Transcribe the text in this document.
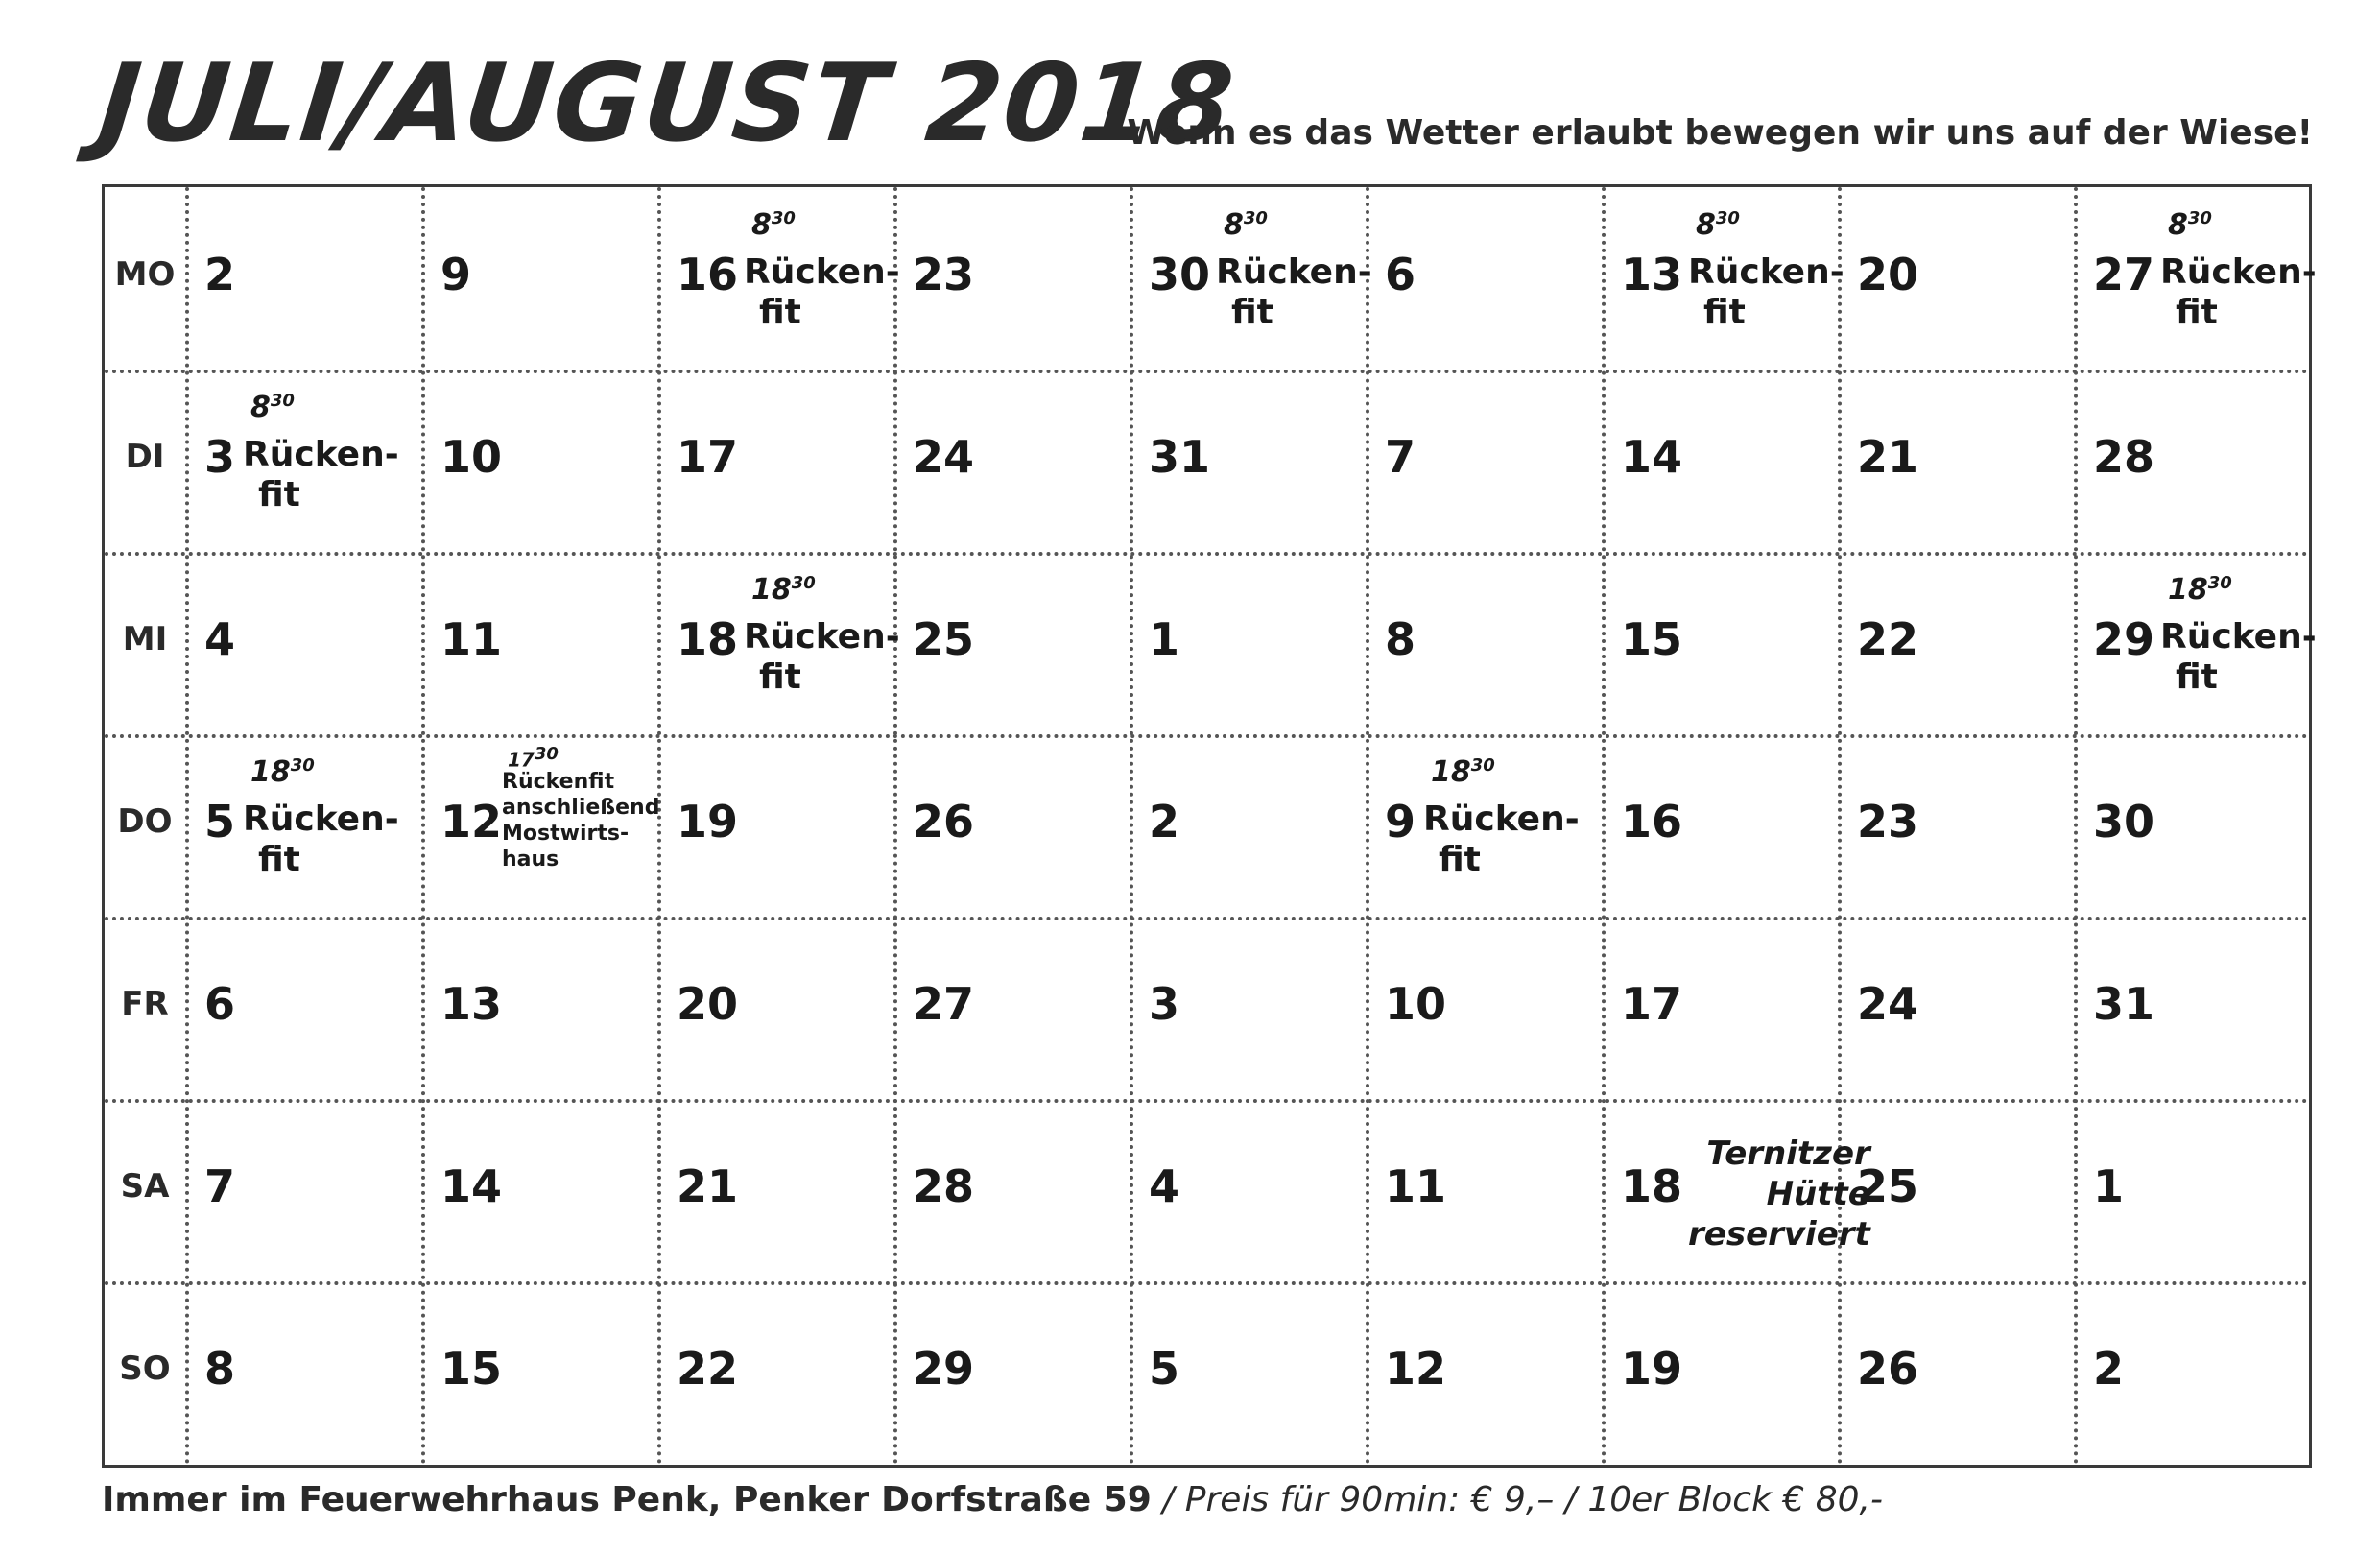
JULI/AUGUST 2018
Wenn es das Wetter erlaubt bewegen wir uns auf der Wiese!
MO
DI
MI
DO
FR
SA
SO
2
3
$8^{30}$
Rücken-
fit
4
5
$18^{30}$
Rücken-
fit
6
7
8
9
10
11
12
$17^{30}$
Rückenfit
anschließend
Mostwirts-
haus
13
14
15
16
$8^{30}$
Rücken-
fit
17
18
$18^{30}$
Rücken-
fit
19
20
21
22
23
24
25
26
27
28
29
30
$8^{30}$
Rücken-
fit
31
1
2
3
4
5
6
7
8
9
$18^{30}$
Rücken-
fit
10
11
12
13
$8^{30}$
Rücken-
fit
14
15
16
17
18
Ternitzer
Hütte
reserviert
19
20
21
22
23
24
25
26
27
$8^{30}$
Rücken-
fit
28
29
$18^{30}$
Rücken-
fit
30
31
1
2
Immer im Feuerwehrhaus Penk, Penker Dorfstraße 59 / Preis für 90min: € 9,– / 10er Block € 80,-
